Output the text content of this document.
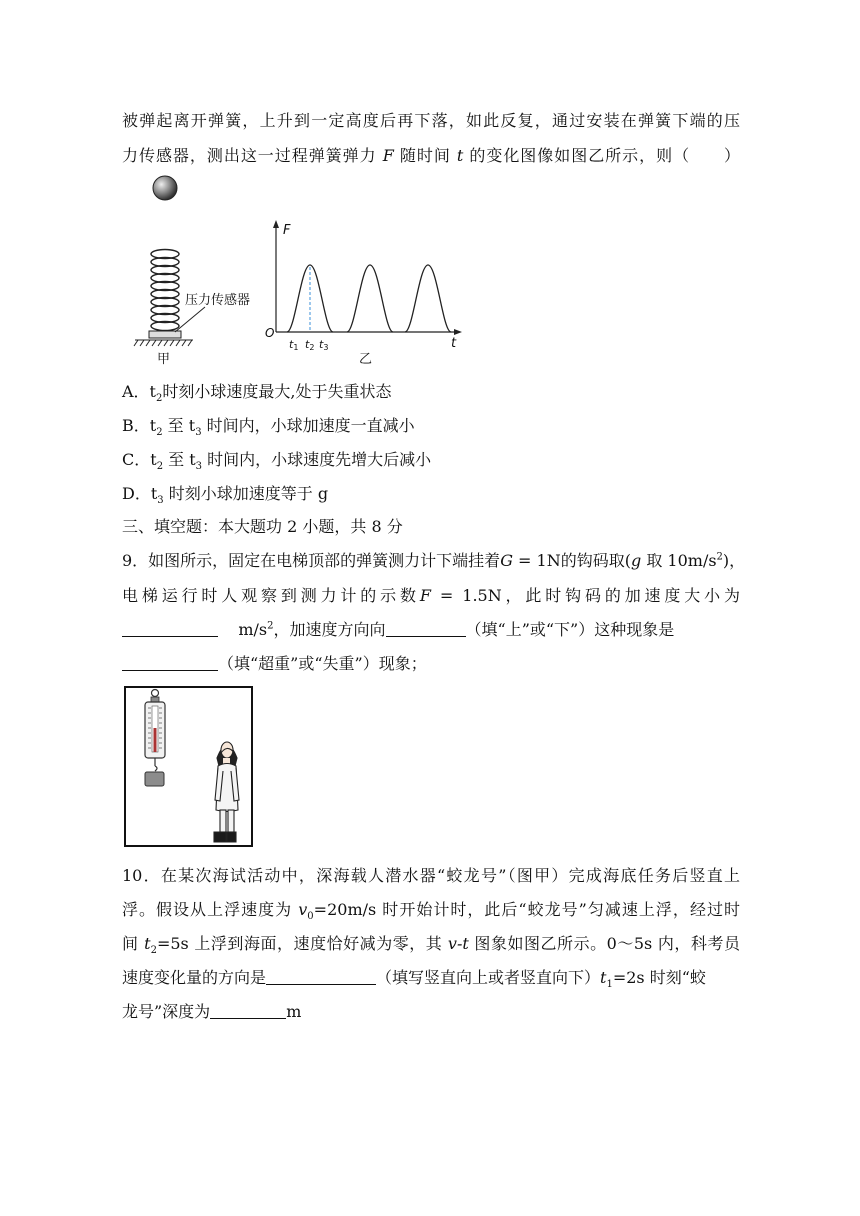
被弹起离开弹簧，上升到一定高度后再下落，如此反复，通过安装在弹簧下端的压
力传感器，测出这一过程弹簧弹力 F 随时间 t 的变化图像如图乙所示，则（　　）
压力传感器
甲
F
t
O
t1 t2 t3
乙
A．$t_2$时刻小球速度最大,处于失重状态
B．$t_2$ 至 $t_3$ 时间内，小球加速度一直减小
C．$t_2$ 至 $t_3$ 时间内，小球速度先增大后减小
D．$t_3$ 时刻小球加速度等于 g
三、填空题：本大题功 2 小题，共 8 分
9．如图所示，固定在电梯顶部的弹簧测力计下端挂着G = 1N的钩码取(g 取 $10m/s^2$)，
电梯运行时人观察到测力计的示数F = 1.5N，此时钩码的加速度大小为
$m/s^2$，加速度方向向	（填“上”或“下”）这种现象是
（填“超重”或“失重”）现象；
10．在某次海试活动中，深海载人潜水器“蛟龙号”（图甲）完成海底任务后竖直上
浮。假设从上浮速度为 $v_0=20m/s$ 时开始计时，此后“蛟龙号”匀减速上浮，经过时
间 $t_2=5s$ 上浮到海面，速度恰好减为零，其 v-t 图象如图乙所示。0～5s 内，科考员
速度变化量的方向是	（填写竖直向上或者竖直向下）$t_1=2s$ 时刻“蛟
龙号”深度为	m
